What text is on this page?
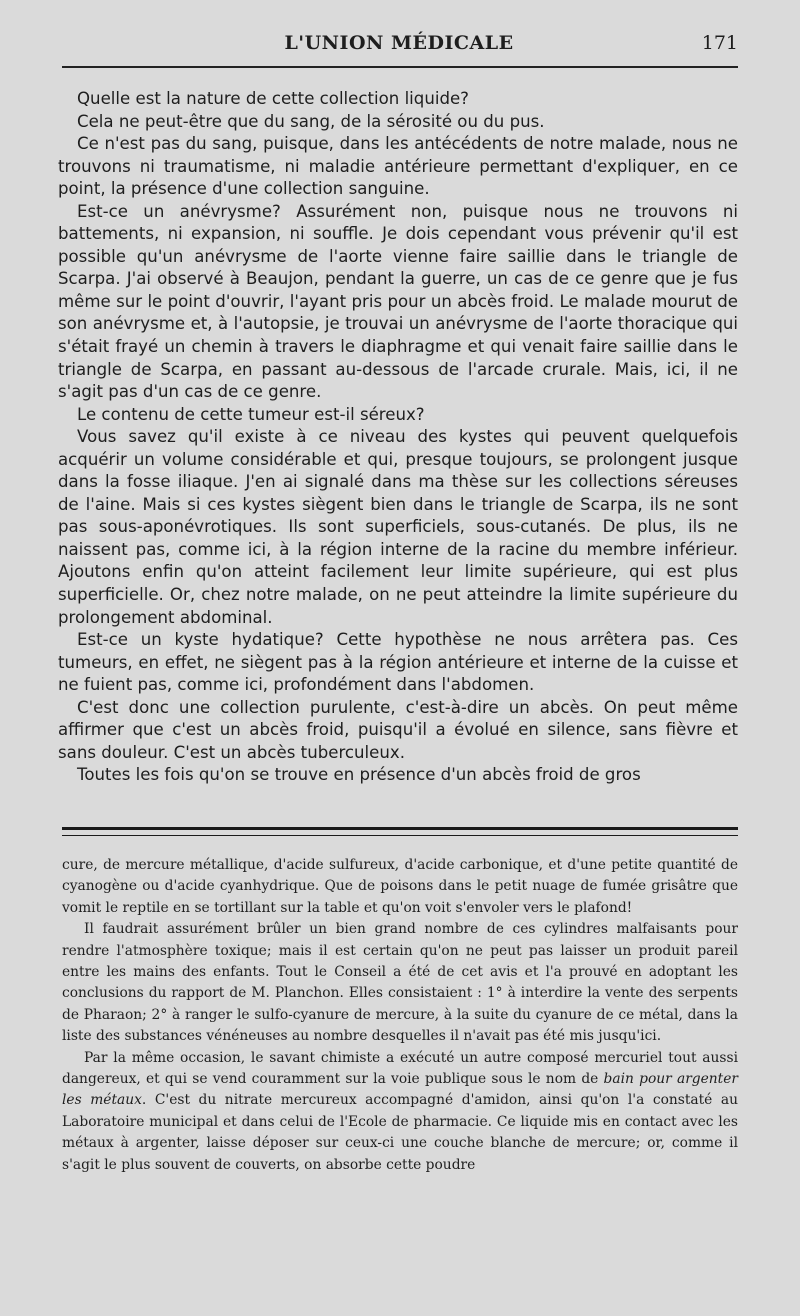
L'UNION MÉDICALE	171

Quelle est la nature de cette collection liquide?

Cela ne peut-être que du sang, de la sérosité ou du pus.

Ce n'est pas du sang, puisque, dans les antécédents de notre malade, nous ne trouvons ni traumatisme, ni maladie antérieure permettant d'expliquer, en ce point, la présence d'une collection sanguine.

Est-ce un anévrysme? Assurément non, puisque nous ne trouvons ni battements, ni expansion, ni souffle. Je dois cependant vous prévenir qu'il est possible qu'un anévrysme de l'aorte vienne faire saillie dans le triangle de Scarpa. J'ai observé à Beaujon, pendant la guerre, un cas de ce genre que je fus même sur le point d'ouvrir, l'ayant pris pour un abcès froid. Le malade mourut de son anévrysme et, à l'autopsie, je trouvai un anévrysme de l'aorte thoracique qui s'était frayé un chemin à travers le diaphragme et qui venait faire saillie dans le triangle de Scarpa, en passant au-dessous de l'arcade crurale. Mais, ici, il ne s'agit pas d'un cas de ce genre.

Le contenu de cette tumeur est-il séreux?

Vous savez qu'il existe à ce niveau des kystes qui peuvent quelquefois acquérir un volume considérable et qui, presque toujours, se prolongent jusque dans la fosse iliaque. J'en ai signalé dans ma thèse sur les collections séreuses de l'aine. Mais si ces kystes siègent bien dans le triangle de Scarpa, ils ne sont pas sous-aponévrotiques. Ils sont superficiels, sous-cutanés. De plus, ils ne naissent pas, comme ici, à la région interne de la racine du membre inférieur. Ajoutons enfin qu'on atteint facilement leur limite supérieure, qui est plus superficielle. Or, chez notre malade, on ne peut atteindre la limite supérieure du prolongement abdominal.

Est-ce un kyste hydatique? Cette hypothèse ne nous arrêtera pas. Ces tumeurs, en effet, ne siègent pas à la région antérieure et interne de la cuisse et ne fuient pas, comme ici, profondément dans l'abdomen.

C'est donc une collection purulente, c'est-à-dire un abcès. On peut même affirmer que c'est un abcès froid, puisqu'il a évolué en silence, sans fièvre et sans douleur. C'est un abcès tuberculeux.

Toutes les fois qu'on se trouve en présence d'un abcès froid de gros

cure, de mercure métallique, d'acide sulfureux, d'acide carbonique, et d'une petite quantité de cyanogène ou d'acide cyanhydrique. Que de poisons dans le petit nuage de fumée grisâtre que vomit le reptile en se tortillant sur la table et qu'on voit s'envoler vers le plafond!

Il faudrait assurément brûler un bien grand nombre de ces cylindres malfaisants pour rendre l'atmosphère toxique; mais il est certain qu'on ne peut pas laisser un produit pareil entre les mains des enfants. Tout le Conseil a été de cet avis et l'a prouvé en adoptant les conclusions du rapport de M. Planchon. Elles consistaient : 1° à interdire la vente des serpents de Pharaon; 2° à ranger le sulfo-cyanure de mercure, à la suite du cyanure de ce métal, dans la liste des substances vénéneuses au nombre desquelles il n'avait pas été mis jusqu'ici.

Par la même occasion, le savant chimiste a exécuté un autre composé mercuriel tout aussi dangereux, et qui se vend couramment sur la voie publique sous le nom de bain pour argenter les métaux. C'est du nitrate mercureux accompagné d'amidon, ainsi qu'on l'a constaté au Laboratoire municipal et dans celui de l'Ecole de pharmacie. Ce liquide mis en contact avec les métaux à argenter, laisse déposer sur ceux-ci une couche blanche de mercure; or, comme il s'agit le plus souvent de couverts, on absorbe cette poudre
